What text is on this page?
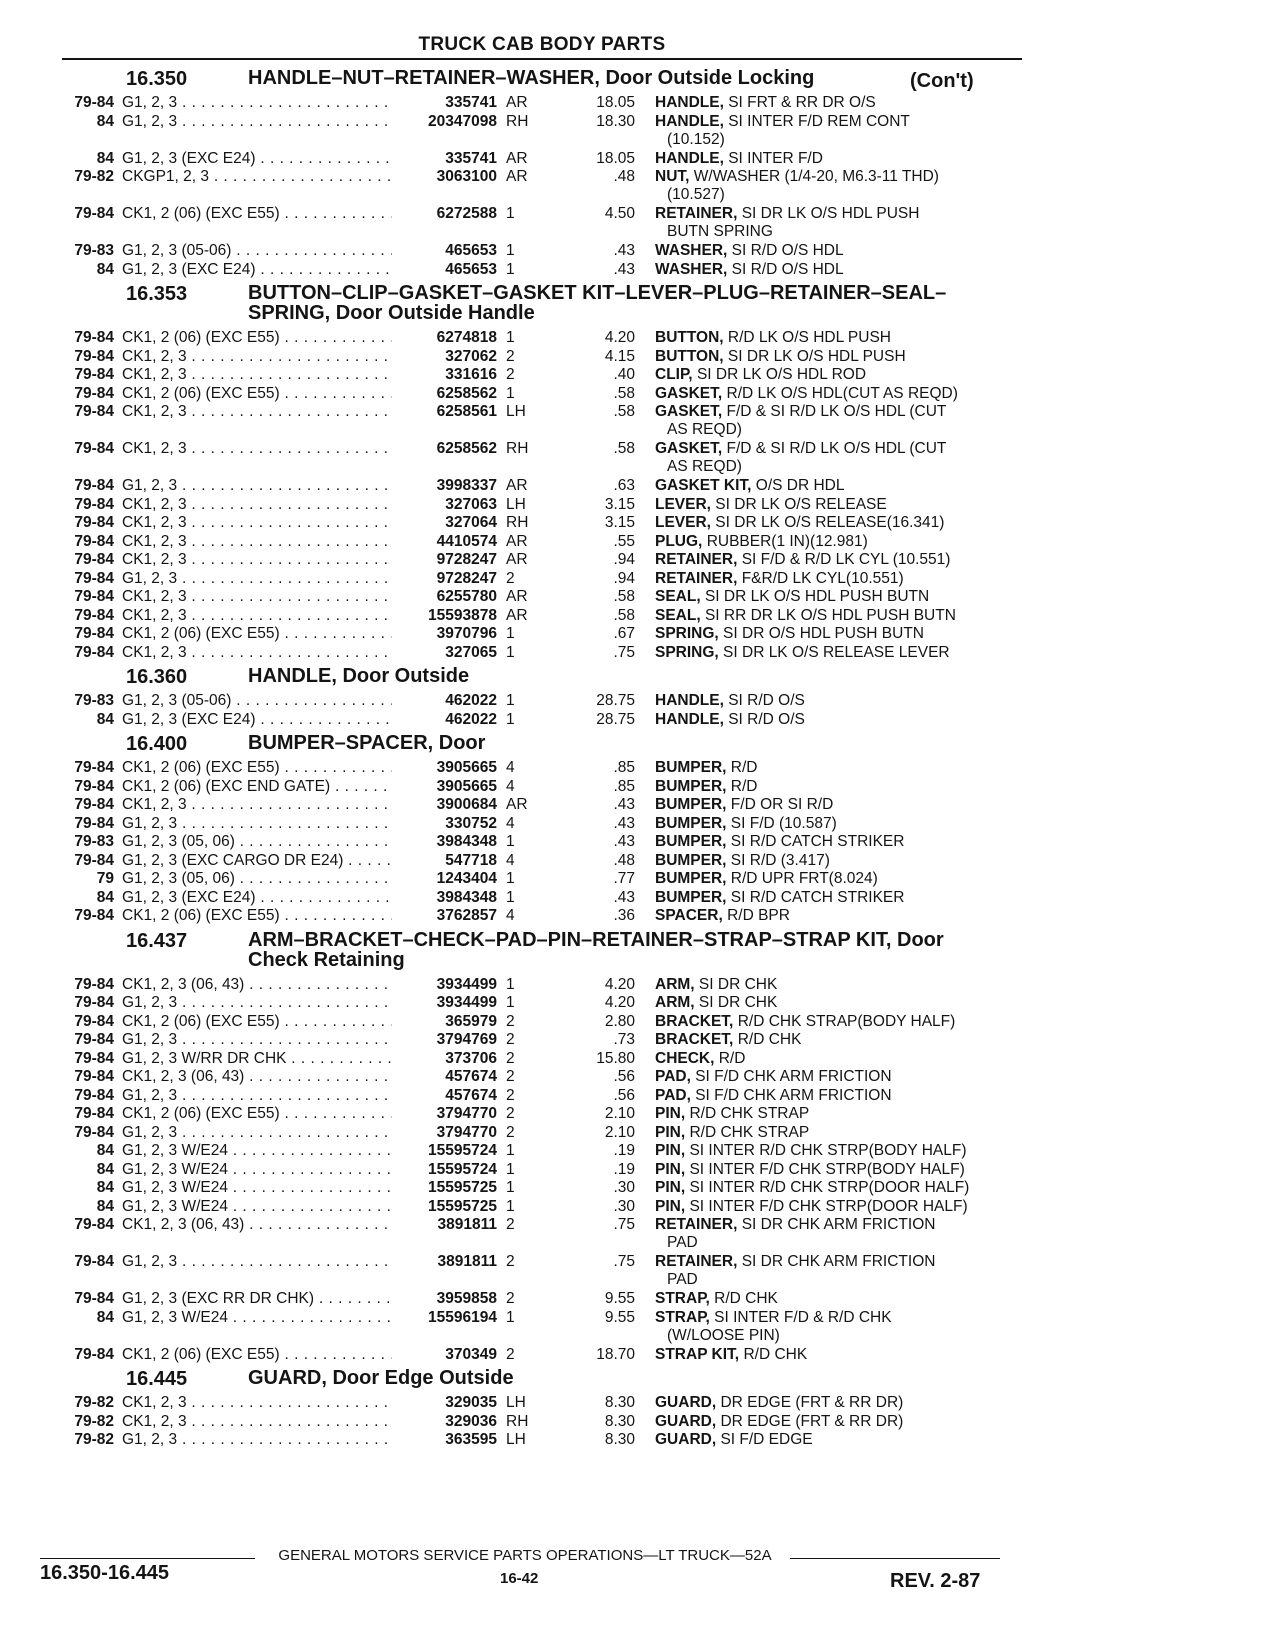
TRUCK CAB BODY PARTS
16.350	HANDLE–NUT–RETAINER–WASHER, Door Outside Locking	(Con't)
79-84 G1, 2, 3 . . .	335741 AR	18.05 HANDLE, SI FRT & RR DR O/S
84 G1, 2, 3 . . .	20347098 RH	18.30 HANDLE, SI INTER F/D REM CONT
(10.152)
84 G1, 2, 3 (EXC E24) . . .	335741 AR	18.05 HANDLE, SI INTER F/D
79-82 CKGP1, 2, 3 . . .	3063100 AR	.48 NUT, W/WASHER (1/4-20, M6.3-11 THD)
(10.527)
79-84 CK1, 2 (06) (EXC E55) . . .	6272588 1	4.50 RETAINER, SI DR LK O/S HDL PUSH
BUTN SPRING
79-83 G1, 2, 3 (05-06) . . .	465653 1	.43 WASHER, SI R/D O/S HDL
84 G1, 2, 3 (EXC E24) . . .	465653 1	.43 WASHER, SI R/D O/S HDL
16.353	BUTTON–CLIP–GASKET–GASKET KIT–LEVER–PLUG–RETAINER–SEAL–SPRING, Door Outside Handle
79-84 CK1, 2 (06) (EXC E55) . . .	6274818 1	4.20 BUTTON, R/D LK O/S HDL PUSH
79-84 CK1, 2, 3 . . .	327062 2	4.15 BUTTON, SI DR LK O/S HDL PUSH
79-84 CK1, 2, 3 . . .	331616 2	.40 CLIP, SI DR LK O/S HDL ROD
79-84 CK1, 2 (06) (EXC E55) . . .	6258562 1	.58 GASKET, R/D LK O/S HDL(CUT AS REQD)
79-84 CK1, 2, 3 . . .	6258561 LH	.58 GASKET, F/D & SI R/D LK O/S HDL (CUT
AS REQD)
79-84 CK1, 2, 3 . . .	6258562 RH	.58 GASKET, F/D & SI R/D LK O/S HDL (CUT
AS REQD)
79-84 G1, 2, 3 . . .	3998337 AR	.63 GASKET KIT, O/S DR HDL
79-84 CK1, 2, 3 . . .	327063 LH	3.15 LEVER, SI DR LK O/S RELEASE
79-84 CK1, 2, 3 . . .	327064 RH	3.15 LEVER, SI DR LK O/S RELEASE(16.341)
79-84 CK1, 2, 3 . . .	4410574 AR	.55 PLUG, RUBBER(1 IN)(12.981)
79-84 CK1, 2, 3 . . .	9728247 AR	.94 RETAINER, SI F/D & R/D LK CYL (10.551)
79-84 G1, 2, 3 . . .	9728247 2	.94 RETAINER, F&R/D LK CYL(10.551)
79-84 CK1, 2, 3 . . .	6255780 AR	.58 SEAL, SI DR LK O/S HDL PUSH BUTN
79-84 CK1, 2, 3 . . .	15593878 AR	.58 SEAL, SI RR DR LK O/S HDL PUSH BUTN
79-84 CK1, 2 (06) (EXC E55) . . .	3970796 1	.67 SPRING, SI DR O/S HDL PUSH BUTN
79-84 CK1, 2, 3 . . .	327065 1	.75 SPRING, SI DR LK O/S RELEASE LEVER
16.360	HANDLE, Door Outside
79-83 G1, 2, 3 (05-06) . . .	462022 1	28.75 HANDLE, SI R/D O/S
84 G1, 2, 3 (EXC E24) . . .	462022 1	28.75 HANDLE, SI R/D O/S
16.400	BUMPER–SPACER, Door
79-84 CK1, 2 (06) (EXC E55) . . .	3905665 4	.85 BUMPER, R/D
79-84 CK1, 2 (06) (EXC END GATE) . . .	3905665 4	.85 BUMPER, R/D
79-84 CK1, 2, 3 . . .	3900684 AR	.43 BUMPER, F/D OR SI R/D
79-84 G1, 2, 3 . . .	330752 4	.43 BUMPER, SI F/D (10.587)
79-83 G1, 2, 3 (05, 06) . . .	3984348 1	.43 BUMPER, SI R/D CATCH STRIKER
79-84 G1, 2, 3 (EXC CARGO DR E24) . . .	547718 4	.48 BUMPER, SI R/D (3.417)
79 G1, 2, 3 (05, 06) . . .	1243404 1	.77 BUMPER, R/D UPR FRT(8.024)
84 G1, 2, 3 (EXC E24) . . .	3984348 1	.43 BUMPER, SI R/D CATCH STRIKER
79-84 CK1, 2 (06) (EXC E55) . . .	3762857 4	.36 SPACER, R/D BPR
16.437	ARM–BRACKET–CHECK–PAD–PIN–RETAINER–STRAP–STRAP KIT, Door Check Retaining
79-84 CK1, 2, 3 (06, 43) . . .	3934499 1	4.20 ARM, SI DR CHK
79-84 G1, 2, 3 . . .	3934499 1	4.20 ARM, SI DR CHK
79-84 CK1, 2 (06) (EXC E55) . . .	365979 2	2.80 BRACKET, R/D CHK STRAP(BODY HALF)
79-84 G1, 2, 3 . . .	3794769 2	.73 BRACKET, R/D CHK
79-84 G1, 2, 3 W/RR DR CHK . . .	373706 2	15.80 CHECK, R/D
79-84 CK1, 2, 3 (06, 43) . . .	457674 2	.56 PAD, SI F/D CHK ARM FRICTION
79-84 G1, 2, 3 . . .	457674 2	.56 PAD, SI F/D CHK ARM FRICTION
79-84 CK1, 2 (06) (EXC E55) . . .	3794770 2	2.10 PIN, R/D CHK STRAP
79-84 G1, 2, 3 . . .	3794770 2	2.10 PIN, R/D CHK STRAP
84 G1, 2, 3 W/E24 . . .	15595724 1	.19 PIN, SI INTER R/D CHK STRP(BODY HALF)
84 G1, 2, 3 W/E24 . . .	15595724 1	.19 PIN, SI INTER F/D CHK STRP(BODY HALF)
84 G1, 2, 3 W/E24 . . .	15595725 1	.30 PIN, SI INTER R/D CHK STRP(DOOR HALF)
84 G1, 2, 3 W/E24 . . .	15595725 1	.30 PIN, SI INTER F/D CHK STRP(DOOR HALF)
79-84 CK1, 2, 3 (06, 43) . . .	3891811 2	.75 RETAINER, SI DR CHK ARM FRICTION
PAD
79-84 G1, 2, 3 . . .	3891811 2	.75 RETAINER, SI DR CHK ARM FRICTION
PAD
79-84 G1, 2, 3 (EXC RR DR CHK) . . .	3959858 2	9.55 STRAP, R/D CHK
84 G1, 2, 3 W/E24 . . .	15596194 1	9.55 STRAP, SI INTER F/D & R/D CHK
(W/LOOSE PIN)
79-84 CK1, 2 (06) (EXC E55) . . .	370349 2	18.70 STRAP KIT, R/D CHK
16.445	GUARD, Door Edge Outside
79-82 CK1, 2, 3 . . .	329035 LH	8.30 GUARD, DR EDGE (FRT & RR DR)
79-82 CK1, 2, 3 . . .	329036 RH	8.30 GUARD, DR EDGE (FRT & RR DR)
79-82 G1, 2, 3 . . .	363595 LH	8.30 GUARD, SI F/D EDGE
GENERAL MOTORS SERVICE PARTS OPERATIONS—LT TRUCK—52A
16.350-16.445	16-42	REV. 2-87
